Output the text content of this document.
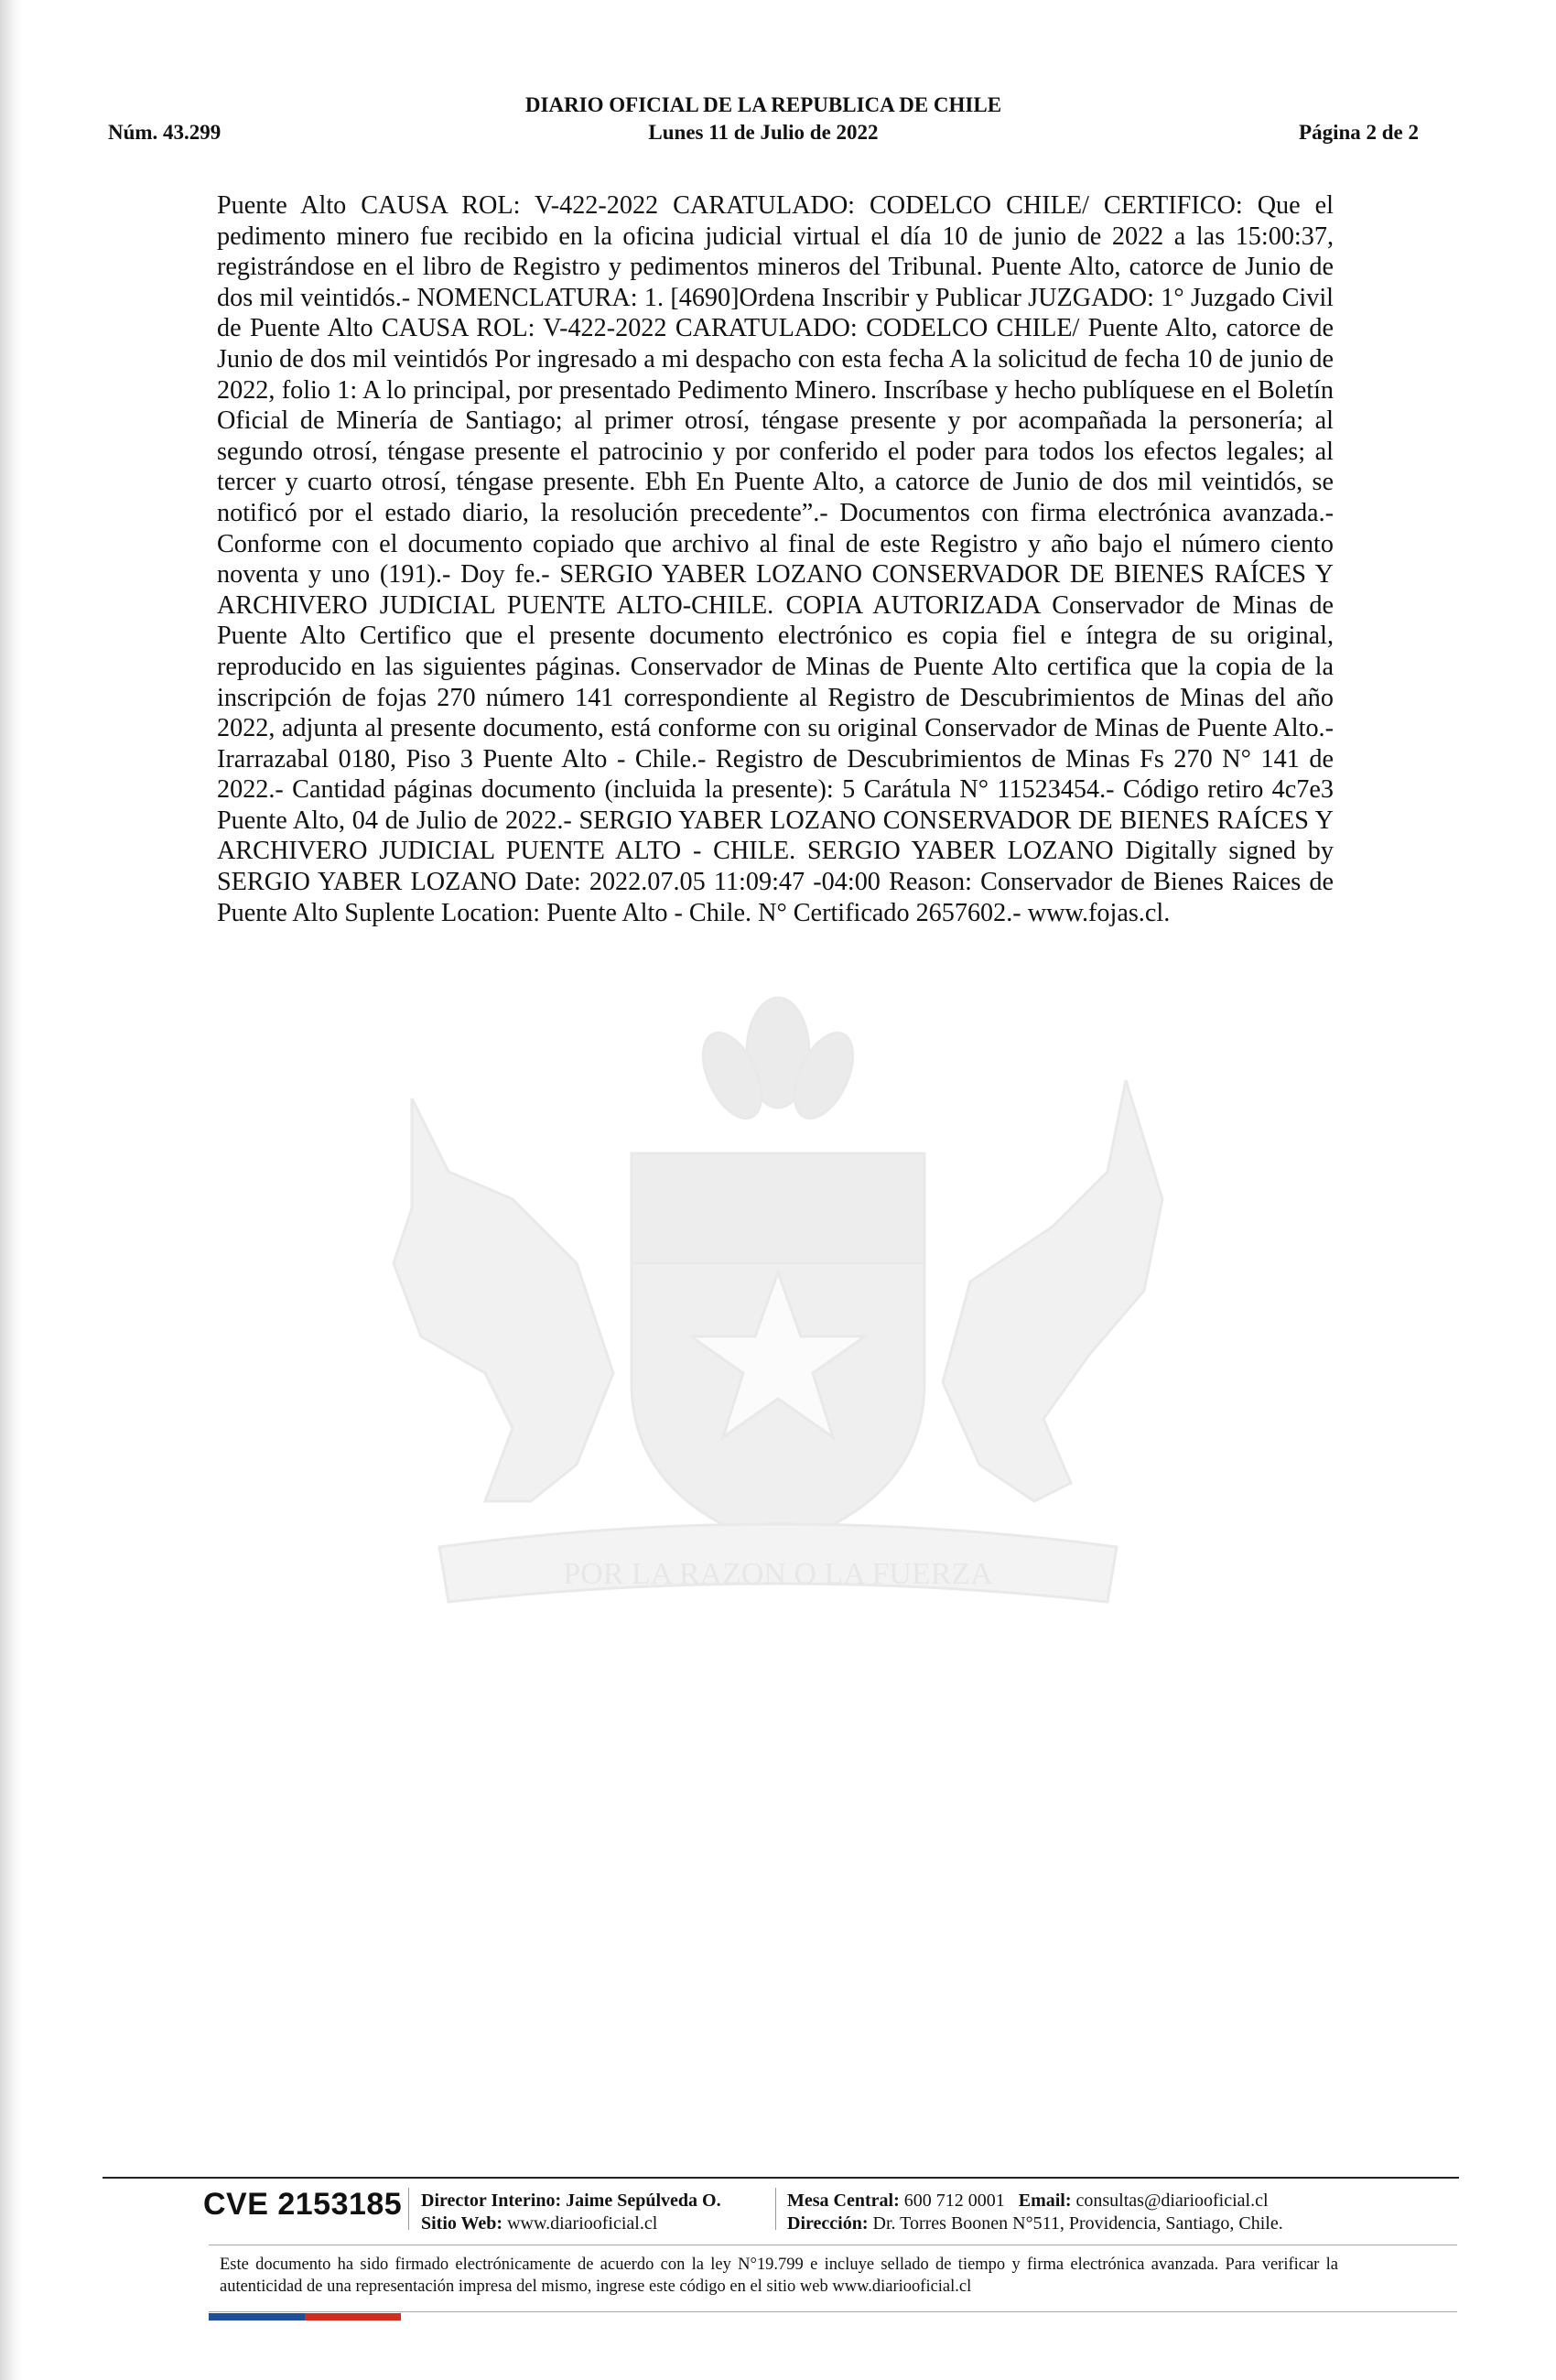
DIARIO OFICIAL DE LA REPUBLICA DE CHILE
Núm. 43.299	Lunes 11 de Julio de 2022	Página 2 de 2
POR LA RAZON O LA FUERZA
Puente Alto CAUSA ROL: V-422-2022 CARATULADO: CODELCO CHILE/ CERTIFICO: Que el pedimento minero fue recibido en la oficina judicial virtual el día 10 de junio de 2022 a las 15:00:37, registrándose en el libro de Registro y pedimentos mineros del Tribunal. Puente Alto, catorce de Junio de dos mil veintidós.- NOMENCLATURA: 1. [4690]Ordena Inscribir y Publicar JUZGADO: 1° Juzgado Civil de Puente Alto CAUSA ROL: V-422-2022 CARATULADO: CODELCO CHILE/ Puente Alto, catorce de Junio de dos mil veintidós Por ingresado a mi despacho con esta fecha A la solicitud de fecha 10 de junio de 2022, folio 1: A lo principal, por presentado Pedimento Minero. Inscríbase y hecho publíquese en el Boletín Oficial de Minería de Santiago; al primer otrosí, téngase presente y por acompañada la personería; al segundo otrosí, téngase presente el patrocinio y por conferido el poder para todos los efectos legales; al tercer y cuarto otrosí, téngase presente. Ebh En Puente Alto, a catorce de Junio de dos mil veintidós, se notificó por el estado diario, la resolución precedente”.- Documentos con firma electrónica avanzada.- Conforme con el documento copiado que archivo al final de este Registro y año bajo el número ciento noventa y uno (191).- Doy fe.- SERGIO YABER LOZANO CONSERVADOR DE BIENES RAÍCES Y ARCHIVERO JUDICIAL PUENTE ALTO-CHILE. COPIA AUTORIZADA Conservador de Minas de Puente Alto Certifico que el presente documento electrónico es copia fiel e íntegra de su original, reproducido en las siguientes páginas. Conservador de Minas de Puente Alto certifica que la copia de la inscripción de fojas 270 número 141 correspondiente al Registro de Descubrimientos de Minas del año 2022, adjunta al presente documento, está conforme con su original Conservador de Minas de Puente Alto.- Irarrazabal 0180, Piso 3 Puente Alto - Chile.- Registro de Descubrimientos de Minas Fs 270 N° 141 de 2022.- Cantidad páginas documento (incluida la presente): 5 Carátula N° 11523454.- Código retiro 4c7e3 Puente Alto, 04 de Julio de 2022.- SERGIO YABER LOZANO CONSERVADOR DE BIENES RAÍCES Y ARCHIVERO JUDICIAL PUENTE ALTO - CHILE. SERGIO YABER LOZANO Digitally signed by SERGIO YABER LOZANO Date: 2022.07.05 11:09:47 -04:00 Reason: Conservador de Bienes Raices de Puente Alto Suplente Location: Puente Alto - Chile. N° Certificado 2657602.- www.fojas.cl.
CVE 2153185 Director Interino: Jaime Sepúlveda O.
Sitio Web: www.diariooficial.cl
Mesa Central: 600 712 0001 Email: consultas@diariooficial.cl
Dirección: Dr. Torres Boonen N°511, Providencia, Santiago, Chile.
Este documento ha sido firmado electrónicamente de acuerdo con la ley N°19.799 e incluye sellado de tiempo y firma electrónica avanzada. Para verificar la autenticidad de una representación impresa del mismo, ingrese este código en el sitio web www.diariooficial.cl
